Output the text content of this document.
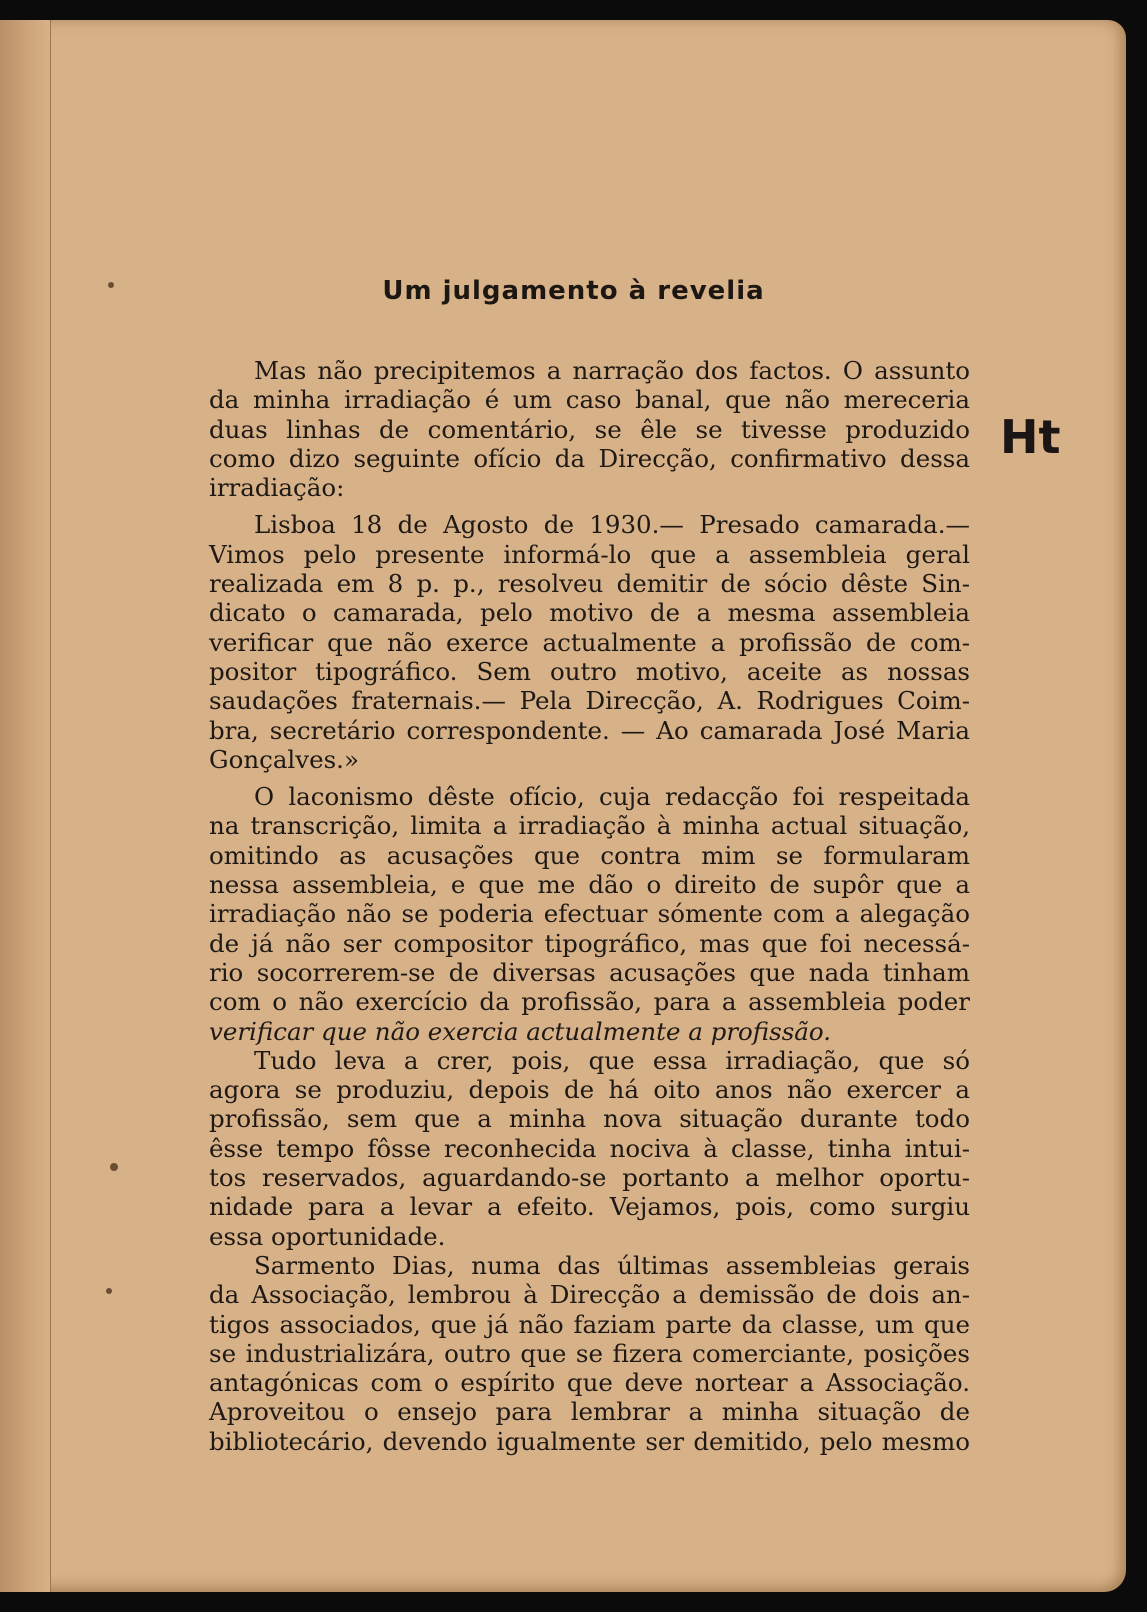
Um julgamento à revelia
Ht

Mas não precipitemos a narração dos factos. O assunto

da minha irradiação é um caso banal, que não mereceria

duas linhas de comentário, se êle se tivesse produzido

como dizo seguinte ofício da Direcção, confirmativo dessa

irradiação:

Lisboa 18 de Agosto de 1930.— Presado camarada.—

Vimos pelo presente informá-lo que a assembleia geral

realizada em 8 p. p., resolveu demitir de sócio dêste Sin-

dicato o camarada, pelo motivo de a mesma assembleia

verificar que não exerce actualmente a profissão de com-

positor tipográfico. Sem outro motivo, aceite as nossas

saudações fraternais.— Pela Direcção, A. Rodrigues Coim-

bra, secretário correspondente. — Ao camarada José Maria

Gonçalves.»

O laconismo dêste ofício, cuja redacção foi respeitada

na transcrição, limita a irradiação à minha actual situação,

omitindo as acusações que contra mim se formularam

nessa assembleia, e que me dão o direito de supôr que a

irradiação não se poderia efectuar sómente com a alegação

de já não ser compositor tipográfico, mas que foi necessá-

rio socorrerem-se de diversas acusações que nada tinham

com o não exercício da profissão, para a assembleia poder

verificar que não exercia actualmente a profissão.

Tudo leva a crer, pois, que essa irradiação, que só

agora se produziu, depois de há oito anos não exercer a

profissão, sem que a minha nova situação durante todo

êsse tempo fôsse reconhecida nociva à classe, tinha intui-

tos reservados, aguardando-se portanto a melhor oportu-

nidade para a levar a efeito. Vejamos, pois, como surgiu

essa oportunidade.

Sarmento Dias, numa das últimas assembleias gerais

da Associação, lembrou à Direcção a demissão de dois an-

tigos associados, que já não faziam parte da classe, um que

se industrializára, outro que se fizera comerciante, posições

antagónicas com o espírito que deve nortear a Associação.

Aproveitou o ensejo para lembrar a minha situação de

bibliotecário, devendo igualmente ser demitido, pelo mesmo
